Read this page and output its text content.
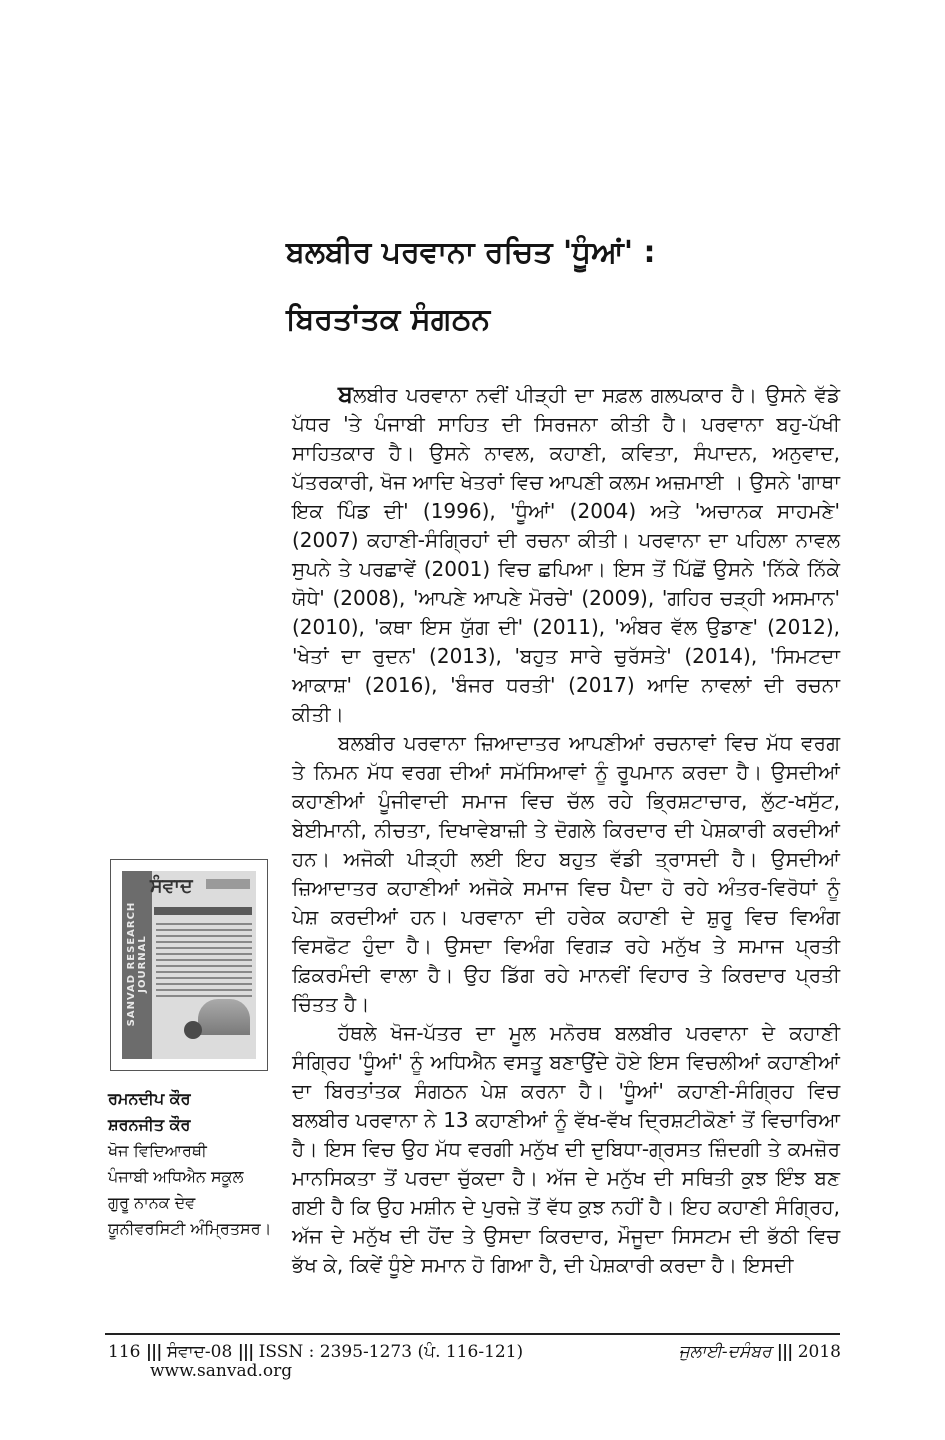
ਬਲਬੀਰ ਪਰਵਾਨਾ ਰਚਿਤ 'ਧੂੰਆਂ' :
ਬਿਰਤਾਂਤਕ ਸੰਗਠਨ

ਬਲਬੀਰ ਪਰਵਾਨਾ ਨਵੀਂ ਪੀੜ੍ਹੀ ਦਾ ਸਫ਼ਲ ਗਲਪਕਾਰ ਹੈ। ਉਸਨੇ ਵੱਡੇ ਪੱਧਰ 'ਤੇ ਪੰਜਾਬੀ ਸਾਹਿਤ ਦੀ ਸਿਰਜਨਾ ਕੀਤੀ ਹੈ। ਪਰਵਾਨਾ ਬਹੁ-ਪੱਖੀ ਸਾਹਿਤਕਾਰ ਹੈ। ਉਸਨੇ ਨਾਵਲ, ਕਹਾਣੀ, ਕਵਿਤਾ, ਸੰਪਾਦਨ, ਅਨੁਵਾਦ, ਪੱਤਰਕਾਰੀ, ਖੋਜ ਆਦਿ ਖੇਤਰਾਂ ਵਿਚ ਆਪਣੀ ਕਲਮ ਅਜ਼ਮਾਈ । ਉਸਨੇ 'ਗਾਥਾ ਇਕ ਪਿੰਡ ਦੀ' (1996), 'ਧੂੰਆਂ' (2004) ਅਤੇ 'ਅਚਾਨਕ ਸਾਹਮਣੇ' (2007) ਕਹਾਣੀ-ਸੰਗ੍ਰਿਹਾਂ ਦੀ ਰਚਨਾ ਕੀਤੀ। ਪਰਵਾਨਾ ਦਾ ਪਹਿਲਾ ਨਾਵਲ ਸੁਪਨੇ ਤੇ ਪਰਛਾਵੇਂ (2001) ਵਿਚ ਛਪਿਆ। ਇਸ ਤੋਂ ਪਿੱਛੋਂ ਉਸਨੇ 'ਨਿੱਕੇ ਨਿੱਕੇ ਯੋਧੇ' (2008), 'ਆਪਣੇ ਆਪਣੇ ਮੋਰਚੇ' (2009), 'ਗਹਿਰ ਚੜ੍ਹੀ ਅਸਮਾਨ' (2010), 'ਕਥਾ ਇਸ ਯੁੱਗ ਦੀ' (2011), 'ਅੰਬਰ ਵੱਲ ਉਡਾਣ' (2012), 'ਖੇਤਾਂ ਦਾ ਰੁਦਨ' (2013), 'ਬਹੁਤ ਸਾਰੇ ਚੁਰੱਸਤੇ' (2014), 'ਸਿਮਟਦਾ ਆਕਾਸ਼' (2016), 'ਬੰਜਰ ਧਰਤੀ' (2017) ਆਦਿ ਨਾਵਲਾਂ ਦੀ ਰਚਨਾ ਕੀਤੀ।

ਬਲਬੀਰ ਪਰਵਾਨਾ ਜ਼ਿਆਦਾਤਰ ਆਪਣੀਆਂ ਰਚਨਾਵਾਂ ਵਿਚ ਮੱਧ ਵਰਗ ਤੇ ਨਿਮਨ ਮੱਧ ਵਰਗ ਦੀਆਂ ਸਮੱਸਿਆਵਾਂ ਨੂੰ ਰੂਪਮਾਨ ਕਰਦਾ ਹੈ। ਉਸਦੀਆਂ ਕਹਾਣੀਆਂ ਪੂੰਜੀਵਾਦੀ ਸਮਾਜ ਵਿਚ ਚੱਲ ਰਹੇ ਭ੍ਰਿਸ਼ਟਾਚਾਰ, ਲੁੱਟ-ਖਸੁੱਟ, ਬੇਈਮਾਨੀ, ਨੀਚਤਾ, ਦਿਖਾਵੇਬਾਜ਼ੀ ਤੇ ਦੋਗਲੇ ਕਿਰਦਾਰ ਦੀ ਪੇਸ਼ਕਾਰੀ ਕਰਦੀਆਂ ਹਨ। ਅਜੋਕੀ ਪੀੜ੍ਹੀ ਲਈ ਇਹ ਬਹੁਤ ਵੱਡੀ ਤ੍ਰਾਸਦੀ ਹੈ। ਉਸਦੀਆਂ ਜ਼ਿਆਦਾਤਰ ਕਹਾਣੀਆਂ ਅਜੋਕੇ ਸਮਾਜ ਵਿਚ ਪੈਦਾ ਹੋ ਰਹੇ ਅੰਤਰ-ਵਿਰੋਧਾਂ ਨੂੰ ਪੇਸ਼ ਕਰਦੀਆਂ ਹਨ। ਪਰਵਾਨਾ ਦੀ ਹਰੇਕ ਕਹਾਣੀ ਦੇ ਸ਼ੁਰੂ ਵਿਚ ਵਿਅੰਗ ਵਿਸਫੋਟ ਹੁੰਦਾ ਹੈ। ਉਸਦਾ ਵਿਅੰਗ ਵਿਗੜ ਰਹੇ ਮਨੁੱਖ ਤੇ ਸਮਾਜ ਪ੍ਰਤੀ ਫ਼ਿਕਰਮੰਦੀ ਵਾਲਾ ਹੈ। ਉਹ ਡਿੱਗ ਰਹੇ ਮਾਨਵੀਂ ਵਿਹਾਰ ਤੇ ਕਿਰਦਾਰ ਪ੍ਰਤੀ ਚਿੰਤਤ ਹੈ।

ਹੱਥਲੇ ਖੋਜ-ਪੱਤਰ ਦਾ ਮੂਲ ਮਨੋਰਥ ਬਲਬੀਰ ਪਰਵਾਨਾ ਦੇ ਕਹਾਣੀ ਸੰਗ੍ਰਿਹ 'ਧੂੰਆਂ' ਨੂੰ ਅਧਿਐਨ ਵਸਤੂ ਬਣਾਉਂਦੇ ਹੋਏ ਇਸ ਵਿਚਲੀਆਂ ਕਹਾਣੀਆਂ ਦਾ ਬਿਰਤਾਂਤਕ ਸੰਗਠਨ ਪੇਸ਼ ਕਰਨਾ ਹੈ। 'ਧੂੰਆਂ' ਕਹਾਣੀ-ਸੰਗ੍ਰਿਹ ਵਿਚ ਬਲਬੀਰ ਪਰਵਾਨਾ ਨੇ 13 ਕਹਾਣੀਆਂ ਨੂੰ ਵੱਖ-ਵੱਖ ਦ੍ਰਿਸ਼ਟੀਕੋਣਾਂ ਤੋਂ ਵਿਚਾਰਿਆ ਹੈ। ਇਸ ਵਿਚ ਉਹ ਮੱਧ ਵਰਗੀ ਮਨੁੱਖ ਦੀ ਦੁਬਿਧਾ-ਗ੍ਰਸਤ ਜ਼ਿੰਦਗੀ ਤੇ ਕਮਜ਼ੋਰ ਮਾਨਸਿਕਤਾ ਤੋਂ ਪਰਦਾ ਚੁੱਕਦਾ ਹੈ। ਅੱਜ ਦੇ ਮਨੁੱਖ ਦੀ ਸਥਿਤੀ ਕੁਝ ਇੰਝ ਬਣ ਗਈ ਹੈ ਕਿ ਉਹ ਮਸ਼ੀਨ ਦੇ ਪੁਰਜ਼ੇ ਤੋਂ ਵੱਧ ਕੁਝ ਨਹੀਂ ਹੈ। ਇਹ ਕਹਾਣੀ ਸੰਗ੍ਰਿਹ, ਅੱਜ ਦੇ ਮਨੁੱਖ ਦੀ ਹੋਂਦ ਤੇ ਉਸਦਾ ਕਿਰਦਾਰ, ਮੌਜੂਦਾ ਸਿਸਟਮ ਦੀ ਭੱਠੀ ਵਿਚ ਭੱਖ ਕੇ, ਕਿਵੇਂ ਧੂੰਏ ਸਮਾਨ ਹੋ ਗਿਆ ਹੈ, ਦੀ ਪੇਸ਼ਕਾਰੀ ਕਰਦਾ ਹੈ। ਇਸਦੀ

SANVAD RESEARCH JOURNAL
ਸੰਵਾਦ
ਰਮਨਦੀਪ ਕੌਰ
ਸ਼ਰਨਜੀਤ ਕੌਰ
ਖੋਜ ਵਿਦਿਆਰਥੀ
ਪੰਜਾਬੀ ਅਧਿਐਨ ਸਕੂਲ
ਗੁਰੂ ਨਾਨਕ ਦੇਵ
ਯੂਨੀਵਰਸਿਟੀ ਅੰਮ੍ਰਿਤਸਰ।
116 ||| ਸੰਵਾਦ-08 ||| ISSN : 2395-1273 (ਪੰ. 116-121)	ਜੁਲਾਈ-ਦਸੰਬਰ ||| 2018
www.sanvad.org
